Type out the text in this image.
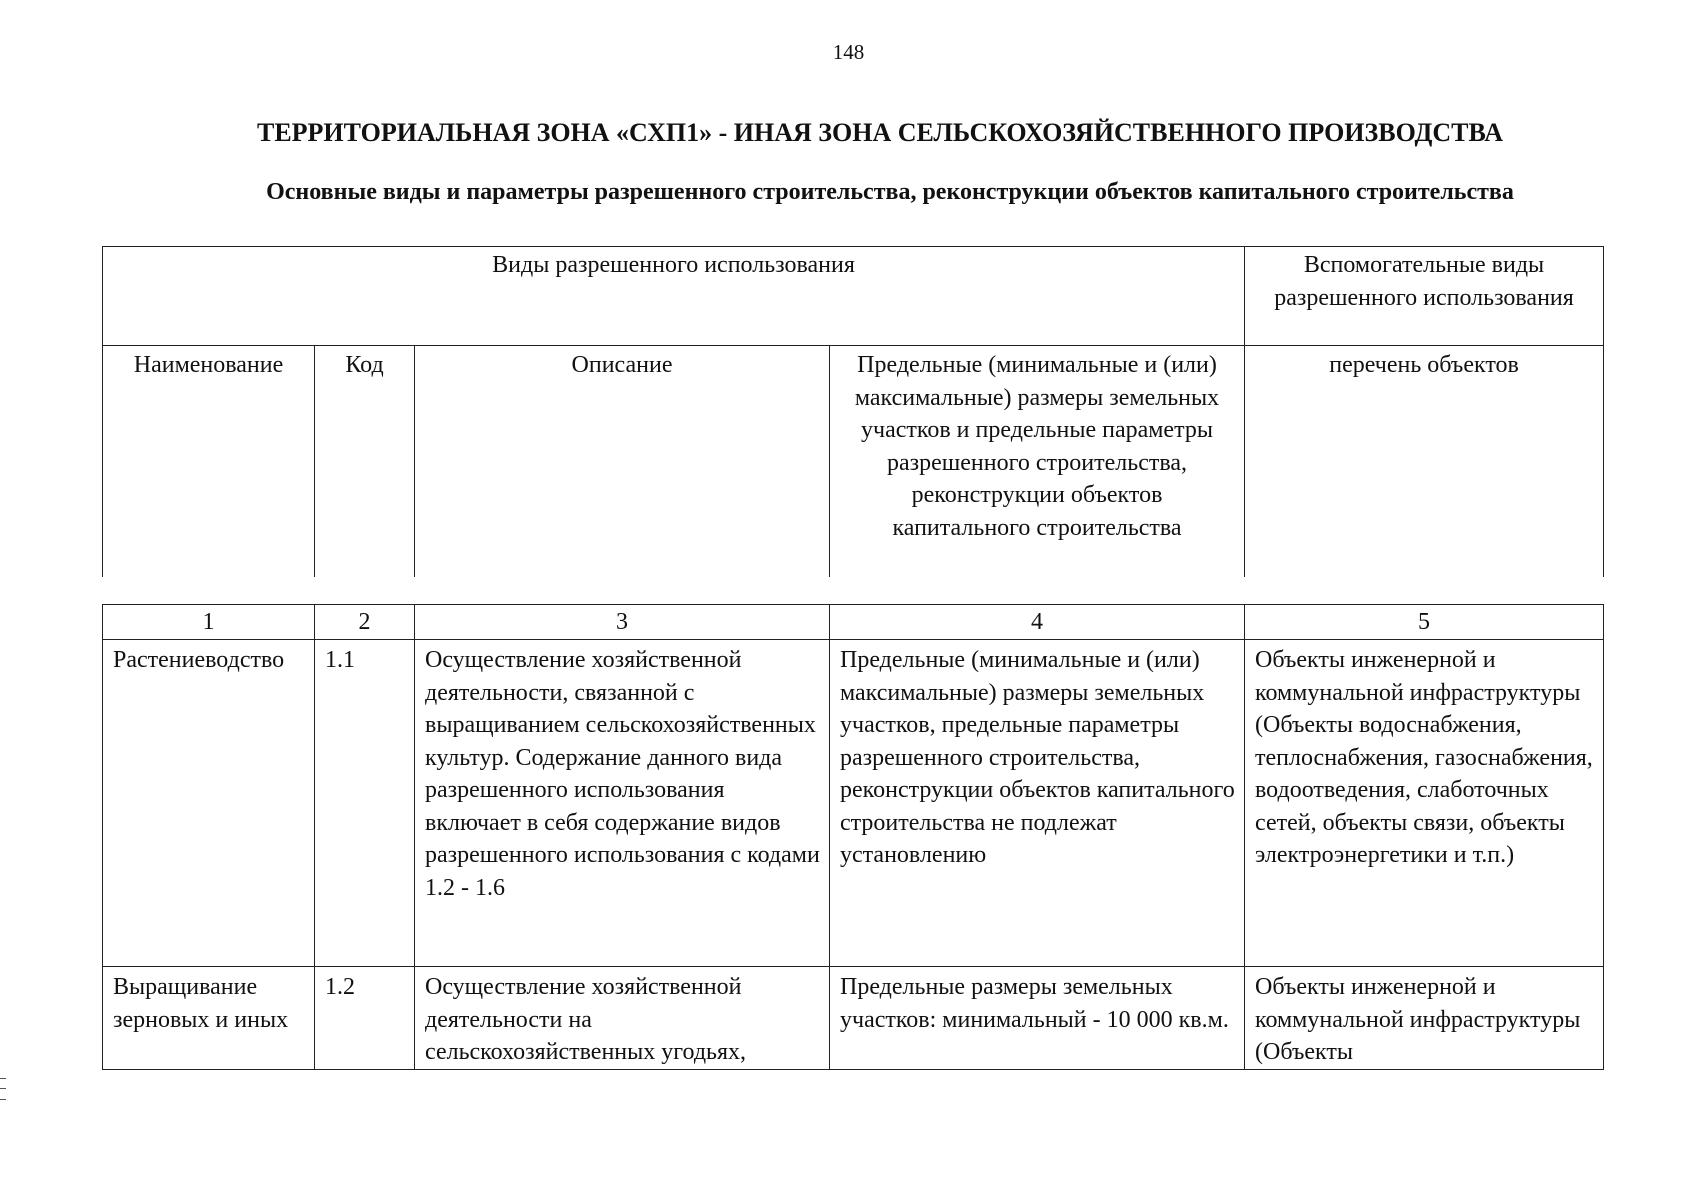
148
ТЕРРИТОРИАЛЬНАЯ ЗОНА «СХП1» - ИНАЯ ЗОНА СЕЛЬСКОХОЗЯЙСТВЕННОГО ПРОИЗВОДСТВА
Основные виды и параметры разрешенного строительства, реконструкции объектов капитального строительства
Виды разрешенного использования				Вспомогательные виды разрешенного использования
Наименование	Код	Описание	Предельные (минимальные и (или) максимальные) размеры земельных участков и предельные параметры разрешенного строительства, реконструкции объектов капитального строительства	перечень объектов
1	2	3	4	5
Растениеводство	1.1	Осуществление хозяйственной деятельности, связанной с выращиванием сельскохозяйственных культур. Содержание данного вида разрешенного использования включает в себя содержание видов разрешенного использования с кодами 1.2 - 1.6	Предельные (минимальные и (или) максимальные) размеры земельных участков, предельные параметры разрешенного строительства, реконструкции объектов капитального строительства не подлежат установлению	Объекты инженерной и коммунальной инфраструктуры (Объекты водоснабжения, теплоснабжения, газоснабжения, водоотведения, слаботочных сетей, объекты связи, объекты электроэнергетики и т.п.)
Выращивание зерновых и иных	1.2	Осуществление хозяйственной деятельности на сельскохозяйственных угодьях,	Предельные размеры земельных участков: минимальный - 10 000 кв.м.	Объекты инженерной и коммунальной инфраструктуры (Объекты
